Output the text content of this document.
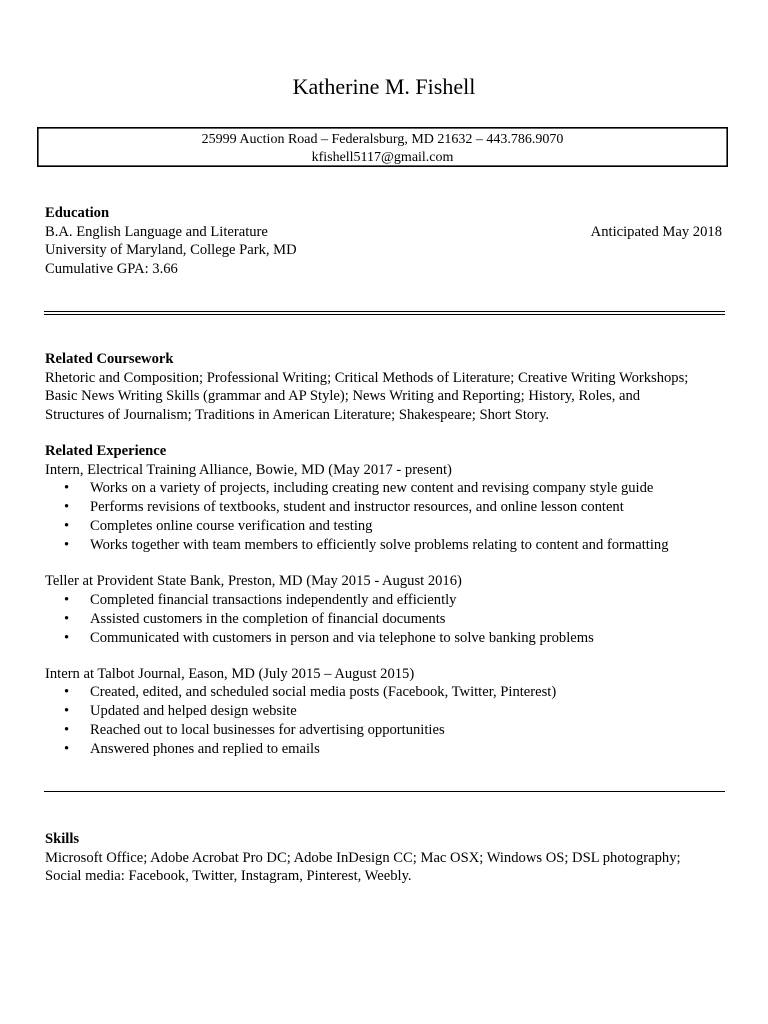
Katherine M. Fishell
25999 Auction Road – Federalsburg, MD 21632 – 443.786.9070
kfishell5117@gmail.com
Education
B.A. English Language and Literature	Anticipated May 2018
University of Maryland, College Park, MD
Cumulative GPA: 3.66
Related Coursework
Rhetoric and Composition; Professional Writing; Critical Methods of Literature; Creative Writing Workshops;
Basic News Writing Skills (grammar and AP Style); News Writing and Reporting; History, Roles, and
Structures of Journalism; Traditions in American Literature; Shakespeare; Short Story.
Related Experience
Intern, Electrical Training Alliance, Bowie, MD (May 2017 - present)
• Works on a variety of projects, including creating new content and revising company style guide
• Performs revisions of textbooks, student and instructor resources, and online lesson content
• Completes online course verification and testing
• Works together with team members to efficiently solve problems relating to content and formatting
Teller at Provident State Bank, Preston, MD (May 2015 - August 2016)
• Completed financial transactions independently and efficiently
• Assisted customers in the completion of financial documents
• Communicated with customers in person and via telephone to solve banking problems
Intern at Talbot Journal, Eason, MD (July 2015 – August 2015)
• Created, edited, and scheduled social media posts (Facebook, Twitter, Pinterest)
• Updated and helped design website
• Reached out to local businesses for advertising opportunities
• Answered phones and replied to emails
Skills
Microsoft Office; Adobe Acrobat Pro DC; Adobe InDesign CC; Mac OSX; Windows OS; DSL photography;
Social media: Facebook, Twitter, Instagram, Pinterest, Weebly.
